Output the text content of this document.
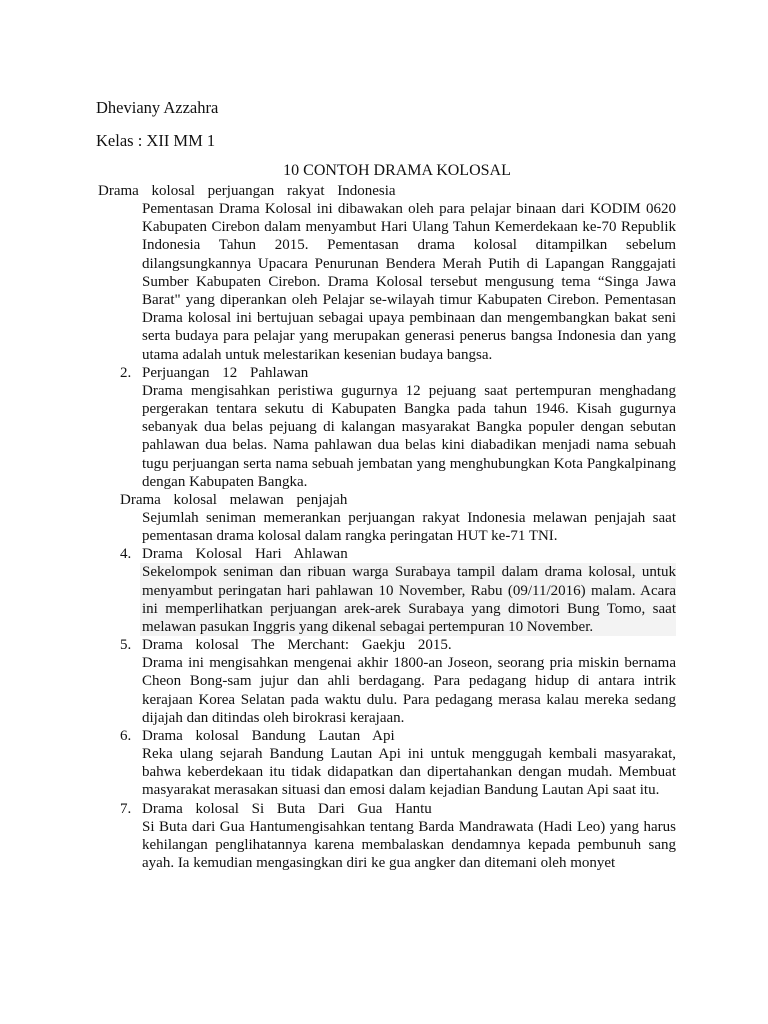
Dheviany Azzahra
Kelas : XII MM 1
10 CONTOH DRAMA KOLOSAL
Drama kolosal perjuangan rakyat Indonesia
Pementasan Drama Kolosal ini dibawakan oleh para pelajar binaan dari KODIM 0620 Kabupaten Cirebon dalam menyambut Hari Ulang Tahun Kemerdekaan ke-70 Republik Indonesia Tahun 2015. Pementasan drama kolosal ditampilkan sebelum dilangsungkannya Upacara Penurunan Bendera Merah Putih di Lapangan Ranggajati Sumber Kabupaten Cirebon. Drama Kolosal tersebut mengusung tema “Singa Jawa Barat" yang diperankan oleh Pelajar se-wilayah timur Kabupaten Cirebon. Pementasan Drama kolosal ini bertujuan sebagai upaya pembinaan dan mengembangkan bakat seni serta budaya para pelajar yang merupakan generasi penerus bangsa Indonesia dan yang utama adalah untuk melestarikan kesenian budaya bangsa.
2. Perjuangan 12 Pahlawan
Drama mengisahkan peristiwa gugurnya 12 pejuang saat pertempuran menghadang pergerakan tentara sekutu di Kabupaten Bangka pada tahun 1946. Kisah gugurnya sebanyak dua belas pejuang di kalangan masyarakat Bangka populer dengan sebutan pahlawan dua belas. Nama pahlawan dua belas kini diabadikan menjadi nama sebuah tugu perjuangan serta nama sebuah jembatan yang menghubungkan Kota Pangkalpinang dengan Kabupaten Bangka.
Drama kolosal melawan penjajah
Sejumlah seniman memerankan perjuangan rakyat Indonesia melawan penjajah saat pementasan drama kolosal dalam rangka peringatan HUT ke-71 TNI.
4. Drama Kolosal Hari Ahlawan
Sekelompok seniman dan ribuan warga Surabaya tampil dalam drama kolosal, untuk menyambut peringatan hari pahlawan 10 November, Rabu (09/11/2016) malam. Acara ini memperlihatkan perjuangan arek-arek Surabaya yang dimotori Bung Tomo, saat melawan pasukan Inggris yang dikenal sebagai pertempuran 10 November.
5. Drama kolosal The Merchant: Gaekju 2015.
Drama ini mengisahkan mengenai akhir 1800-an Joseon, seorang pria miskin bernama Cheon Bong-sam jujur dan ahli berdagang. Para pedagang hidup di antara intrik kerajaan Korea Selatan pada waktu dulu. Para pedagang merasa kalau mereka sedang dijajah dan ditindas oleh birokrasi kerajaan.
6. Drama kolosal Bandung Lautan Api
Reka ulang sejarah Bandung Lautan Api ini untuk menggugah kembali masyarakat, bahwa keberdekaan itu tidak didapatkan dan dipertahankan dengan mudah. Membuat masyarakat merasakan situasi dan emosi dalam kejadian Bandung Lautan Api saat itu.
7. Drama kolosal Si Buta Dari Gua Hantu
Si Buta dari Gua Hantumengisahkan tentang Barda Mandrawata (Hadi Leo) yang harus kehilangan penglihatannya karena membalaskan dendamnya kepada pembunuh sang ayah. Ia kemudian mengasingkan diri ke gua angker dan ditemani oleh monyet
